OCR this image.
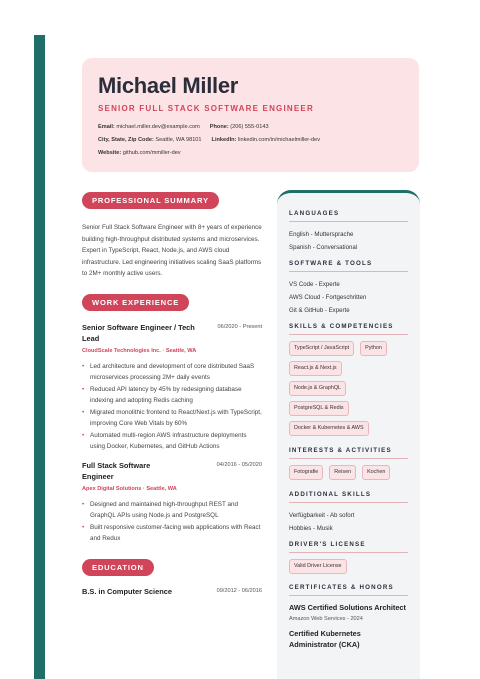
Michael Miller
SENIOR FULL STACK SOFTWARE ENGINEER
Email: michael.miller.dev@example.com Phone: (206) 555-0143
City, State, Zip Code: Seattle, WA 98101 LinkedIn: linkedin.com/in/michaelmiller-dev
Website: github.com/mmiller-dev
PROFESSIONAL SUMMARY

Senior Full Stack Software Engineer with 8+ years of experience building high-throughput distributed systems and microservices. Expert in TypeScript, React, Node.js, and AWS cloud infrastructure. Led engineering initiatives scaling SaaS platforms to 2M+ monthly active users.

WORK EXPERIENCE
Senior Software Engineer / Tech Lead
06/2020 - Present
CloudScale Technologies Inc. · Seattle, WA
• Led architecture and development of core distributed SaaS microservices processing 2M+ daily events
• Reduced API latency by 45% by redesigning database indexing and adopting Redis caching
• Migrated monolithic frontend to React/Next.js with TypeScript, improving Core Web Vitals by 60%
• Automated multi-region AWS infrastructure deployments using Docker, Kubernetes, and GitHub Actions
Full Stack Software Engineer
04/2016 - 05/2020
Apex Digital Solutions · Seattle, WA
• Designed and maintained high-throughput REST and GraphQL APIs using Node.js and PostgreSQL
• Built responsive customer-facing web applications with React and Redux
EDUCATION
B.S. in Computer Science	09/2012 - 06/2016
LANGUAGES
English - Muttersprache
Spanish - Conversational
SOFTWARE & TOOLS
VS Code - Experte
AWS Cloud - Fortgeschritten
Git & GitHub - Experte
SKILLS & COMPETENCIES
TypeScript / JavaScript	Python
React.js & Next.js
Node.js & GraphQL
PostgreSQL & Redis
Docker & Kubernetes & AWS
INTERESTS & ACTIVITIES
Fotografie	Reisen	Kochen
ADDITIONAL SKILLS
Verfügbarkeit - Ab sofort
Hobbies - Musik
DRIVER'S LICENSE
Valid Driver License
CERTIFICATES & HONORS
AWS Certified Solutions Architect
Amazon Web Services - 2024
Certified Kubernetes Administrator (CKA)
